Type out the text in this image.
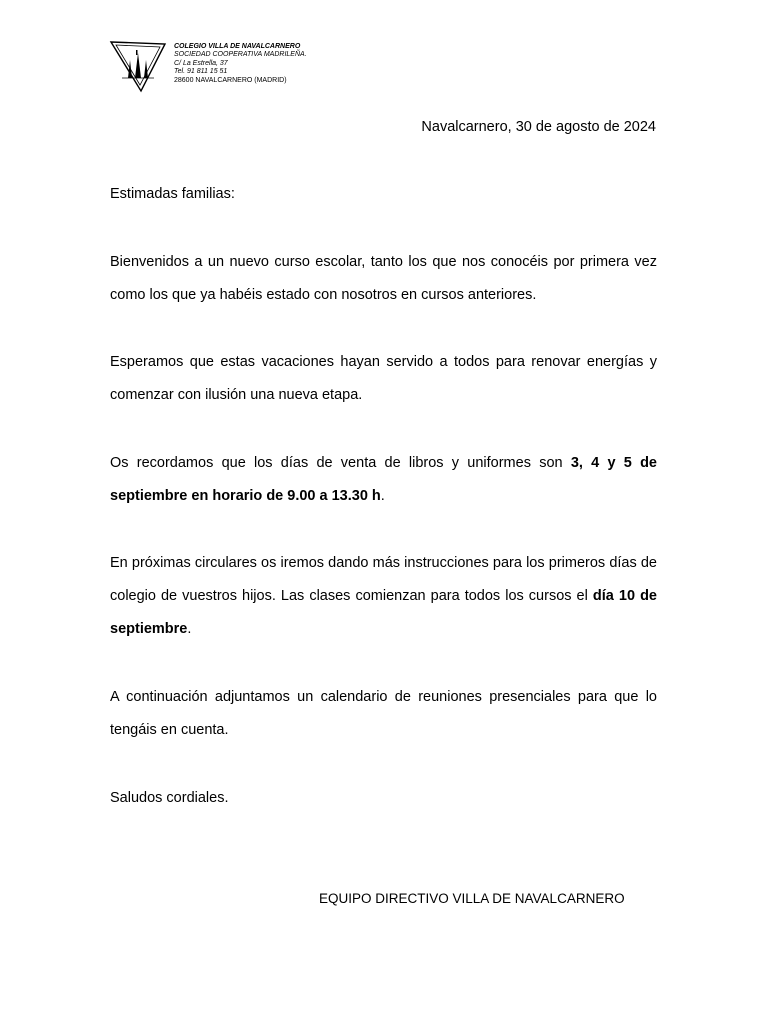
COLEGIO VILLA DE NAVALCARNERO
SOCIEDAD COOPERATIVA MADRILEÑA.
C/ La Estrella, 37
Tel. 91 811 15 51
28600 NAVALCARNERO (MADRID)
Navalcarnero, 30 de agosto de 2024
Estimadas familias:
Bienvenidos a un nuevo curso escolar, tanto los que nos conocéis por primera vez como los que ya habéis estado con nosotros en cursos anteriores.
Esperamos que estas vacaciones hayan servido a todos para renovar energías y comenzar con ilusión una nueva etapa.
Os recordamos que los días de venta de libros y uniformes son 3, 4 y 5 de septiembre en horario de 9.00 a 13.30 h.
En próximas circulares os iremos dando más instrucciones para los primeros días de colegio de vuestros hijos. Las clases comienzan para todos los cursos el día 10 de septiembre.
A continuación adjuntamos un calendario de reuniones presenciales para que lo tengáis en cuenta.
Saludos cordiales.
EQUIPO DIRECTIVO VILLA DE NAVALCARNERO
